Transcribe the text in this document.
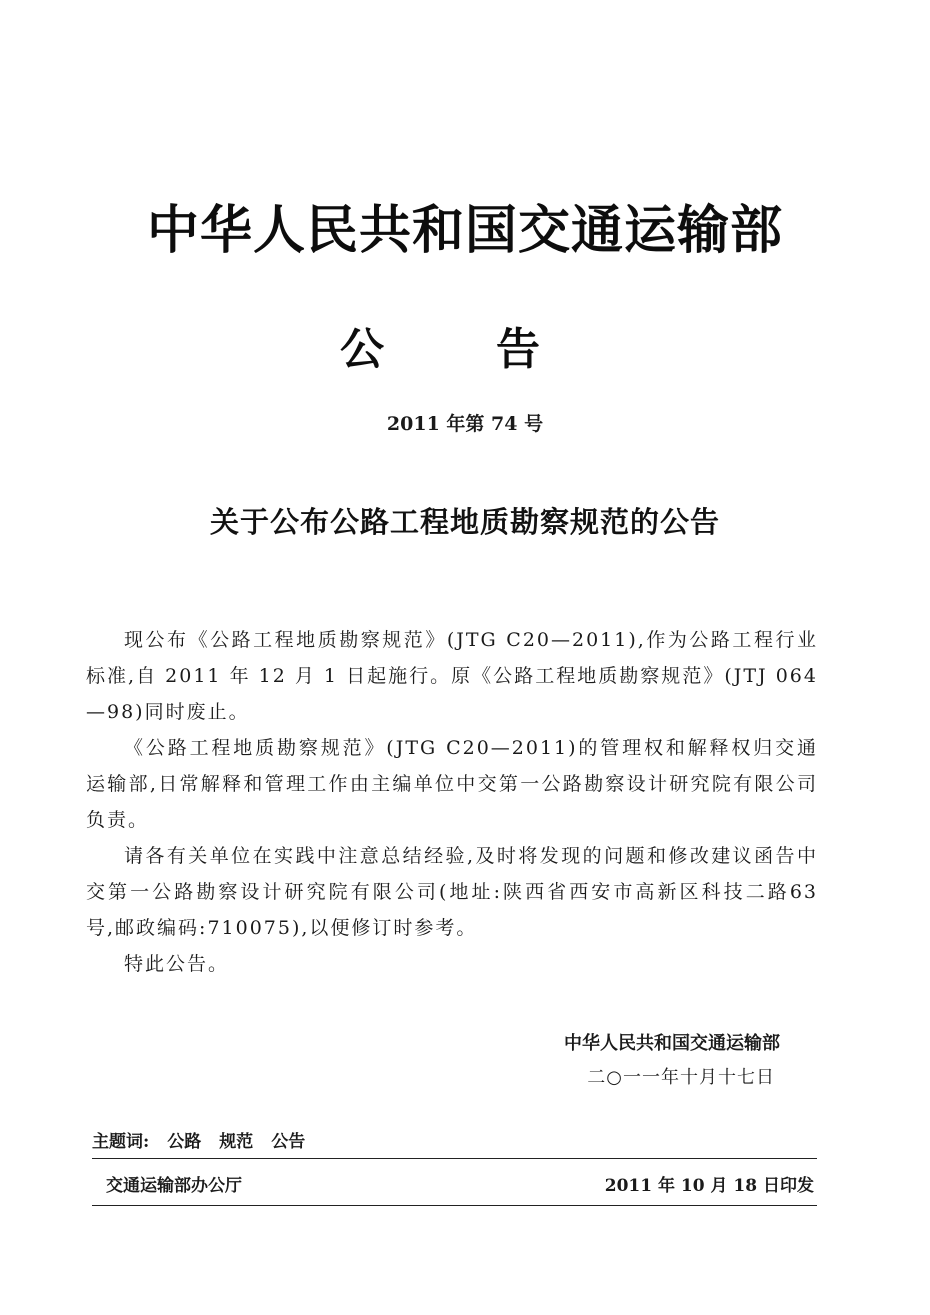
中华人民共和国交通运输部
公	告
2011 年第 74 号
关于公布公路工程地质勘察规范的公告

现公布《公路工程地质勘察规范》(JTG C20—2011),作为公路工程行业标准,自 2011 年 12 月 1 日起施行。原《公路工程地质勘察规范》(JTJ 064—98)同时废止。

《公路工程地质勘察规范》(JTG C20—2011)的管理权和解释权归交通运输部,日常解释和管理工作由主编单位中交第一公路勘察设计研究院有限公司负责。

请各有关单位在实践中注意总结经验,及时将发现的问题和修改建议函告中交第一公路勘察设计研究院有限公司(地址:陕西省西安市高新区科技二路63 号,邮政编码:710075),以便修订时参考。

特此公告。

中华人民共和国交通运输部
二○一一年十月十七日
主题词: 公路 规范 公告
交通运输部办公厅	2011 年 10 月 18 日印发
